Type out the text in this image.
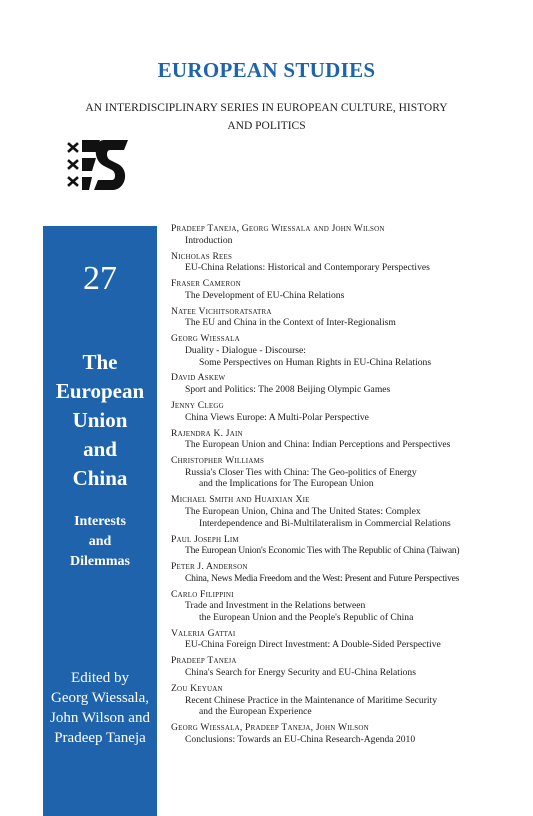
EUROPEAN STUDIES
AN INTERDISCIPLINARY SERIES IN EUROPEAN CULTURE, HISTORY
AND POLITICS
27
The
European
Union
and
China
Interests
and
Dilemmas
Edited by
Georg Wiessala,
John Wilson and
Pradeep Taneja
Pradeep Taneja, Georg Wiessala and John Wilson
Introduction
Nicholas Rees
EU-China Relations: Historical and Contemporary Perspectives
Fraser Cameron
The Development of EU-China Relations
Natee Vichitsoratsatra
The EU and China in the Context of Inter-Regionalism
Georg Wiessala
Duality - Dialogue - Discourse:
Some Perspectives on Human Rights in EU-China Relations
David Askew
Sport and Politics: The 2008 Beijing Olympic Games
Jenny Clegg
China Views Europe: A Multi-Polar Perspective
Rajendra K. Jain
The European Union and China: Indian Perceptions and Perspectives
Christopher Williams
Russia's Closer Ties with China: The Geo-politics of Energy
and the Implications for The European Union
Michael Smith and Huaixian Xie
The European Union, China and The United States: Complex
Interdependence and Bi-Multilateralism in Commercial Relations
Paul Joseph Lim
The European Union's Economic Ties with The Republic of China (Taiwan)
Peter J. Anderson
China, News Media Freedom and the West: Present and Future Perspectives
Carlo Filippini
Trade and Investment in the Relations between
the European Union and the People's Republic of China
Valeria Gattai
EU-China Foreign Direct Investment: A Double-Sided Perspective
Pradeep Taneja
China's Search for Energy Security and EU-China Relations
Zou Keyuan
Recent Chinese Practice in the Maintenance of Maritime Security
and the European Experience
Georg Wiessala, Pradeep Taneja, John Wilson
Conclusions: Towards an EU-China Research-Agenda 2010
